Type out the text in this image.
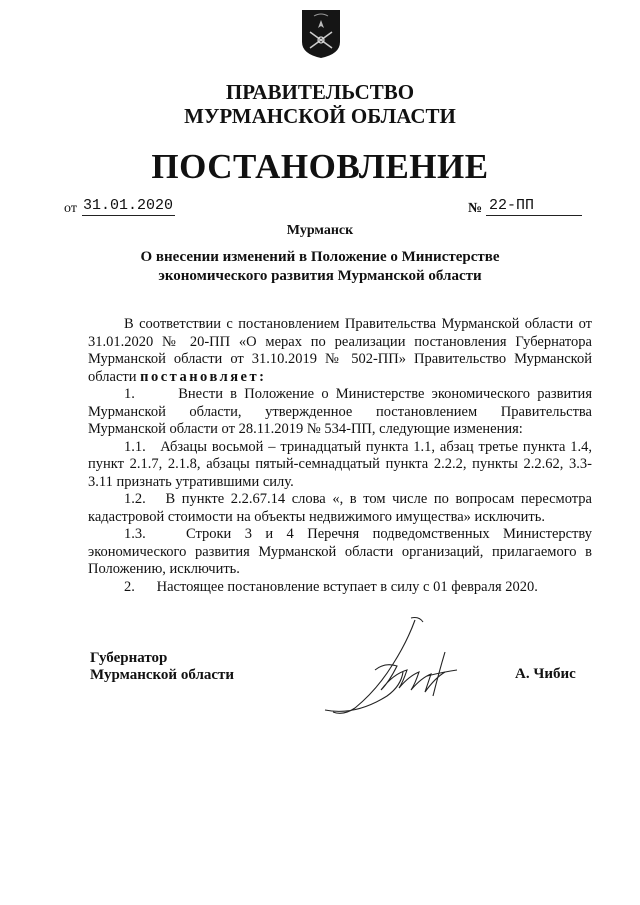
ПРАВИТЕЛЬСТВО
МУРМАНСКОЙ ОБЛАСТИ
ПОСТАНОВЛЕНИЕ
от 31.01.2020	№ 22-ПП
Мурманск
О внесении изменений в Положение о Министерстве
экономического развития Мурманской области

В соответствии с постановлением Правительства Мурманской области от 31.01.2020 № 20-ПП «О мерах по реализации постановления Губернатора Мурманской области от 31.10.2019 № 502-ПП» Правительство Мурманской области постановляет:

1.      Внести в Положение о Министерстве экономического развития Мурманской области, утвержденное постановлением Правительства Мурманской области от 28.11.2019 № 534-ПП, следующие изменения:

1.1.   Абзацы восьмой – тринадцатый пункта 1.1, абзац третье пункта 1.4, пункт 2.1.7, 2.1.8, абзацы пятый-семнадцатый пункта 2.2.2, пункты 2.2.62, 3.3-3.11 признать утратившими силу.

1.2.   В пункте 2.2.67.14 слова «, в том числе по вопросам пересмотра кадастровой стоимости на объекты недвижимого имущества» исключить.

1.3.   Строки 3 и 4 Перечня подведомственных Министерству экономического развития Мурманской области организаций, прилагаемого в Положению, исключить.

2.      Настоящее постановление вступает в силу с 01 февраля 2020.

Губернатор
Мурманской области	А. Чибис
